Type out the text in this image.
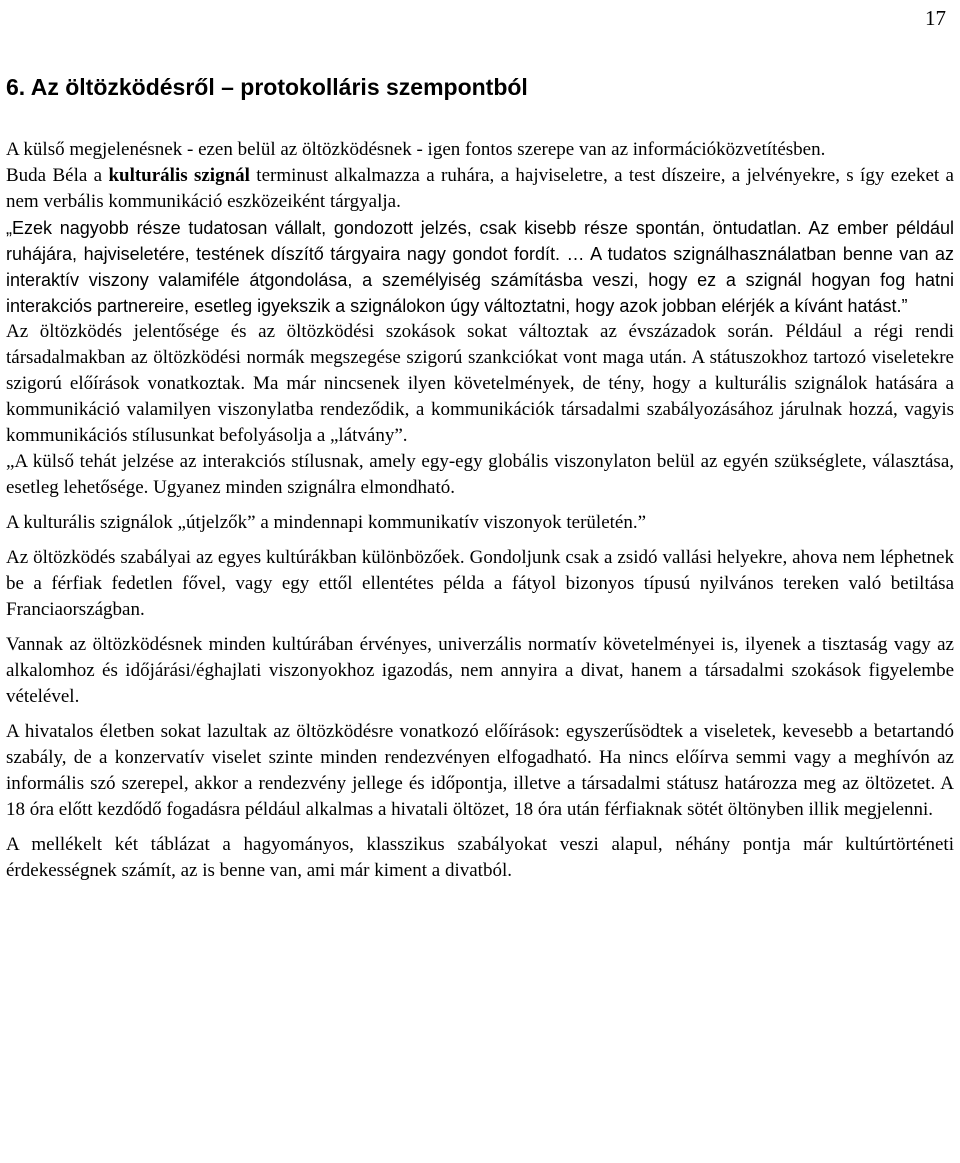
17
6. Az öltözködésről – protokolláris szempontból

A külső megjelenésnek - ezen belül az öltözködésnek - igen fontos szerepe van az információközvetítésben.

Buda Béla a kulturális szignál terminust alkalmazza a ruhára, a hajviseletre, a test díszeire, a jelvényekre, s így ezeket a nem verbális kommunikáció eszközeiként tárgyalja.

„Ezek nagyobb része tudatosan vállalt, gondozott jelzés, csak kisebb része spontán, öntudatlan. Az ember például ruhájára, hajviseletére, testének díszítő tárgyaira nagy gondot fordít. … A tudatos szignálhasználatban benne van az interaktív viszony valamiféle átgondolása, a személyiség számításba veszi, hogy ez a szignál hogyan fog hatni interakciós partnereire, esetleg igyekszik a szignálokon úgy változtatni, hogy azok jobban elérjék a kívánt hatást.”

Az öltözködés jelentősége és az öltözködési szokások sokat változtak az évszázadok során. Például a régi rendi társadalmakban az öltözködési normák megszegése szigorú szankciókat vont maga után. A státuszokhoz tartozó viseletekre szigorú előírások vonatkoztak. Ma már nincsenek ilyen követelmények, de tény, hogy a kulturális szignálok hatására a kommunikáció valamilyen viszonylatba rendeződik, a kommunikációk társadalmi szabályozásához járulnak hozzá, vagyis kommunikációs stílusunkat befolyásolja a „látvány”.

„A külső tehát jelzése az interakciós stílusnak, amely egy-egy globális viszonylaton belül az egyén szükséglete, választása, esetleg lehetősége. Ugyanez minden szignálra elmondható.

A kulturális szignálok „útjelzők” a mindennapi kommunikatív viszonyok területén.”

Az öltözködés szabályai az egyes kultúrákban különbözőek. Gondoljunk csak a zsidó vallási helyekre, ahova nem léphetnek be a férfiak fedetlen fővel, vagy egy ettől ellentétes példa a fátyol bizonyos típusú nyilvános tereken való betiltása Franciaországban.

Vannak az öltözködésnek minden kultúrában érvényes, univerzális normatív követelményei is, ilyenek a tisztaság vagy az alkalomhoz és időjárási/éghajlati viszonyokhoz igazodás, nem annyira a divat, hanem a társadalmi szokások figyelembe vételével.

A hivatalos életben sokat lazultak az öltözködésre vonatkozó előírások: egyszerűsödtek a viseletek, kevesebb a betartandó szabály, de a konzervatív viselet szinte minden rendezvényen elfogadható. Ha nincs előírva semmi vagy a meghívón az informális szó szerepel, akkor a rendezvény jellege és időpontja, illetve a társadalmi státusz határozza meg az öltözetet. A 18 óra előtt kezdődő fogadásra például alkalmas a hivatali öltözet, 18 óra után férfiaknak sötét öltönyben illik megjelenni.

A mellékelt két táblázat a hagyományos, klasszikus szabályokat veszi alapul, néhány pontja már kultúrtörténeti érdekességnek számít, az is benne van, ami már kiment a divatból.
